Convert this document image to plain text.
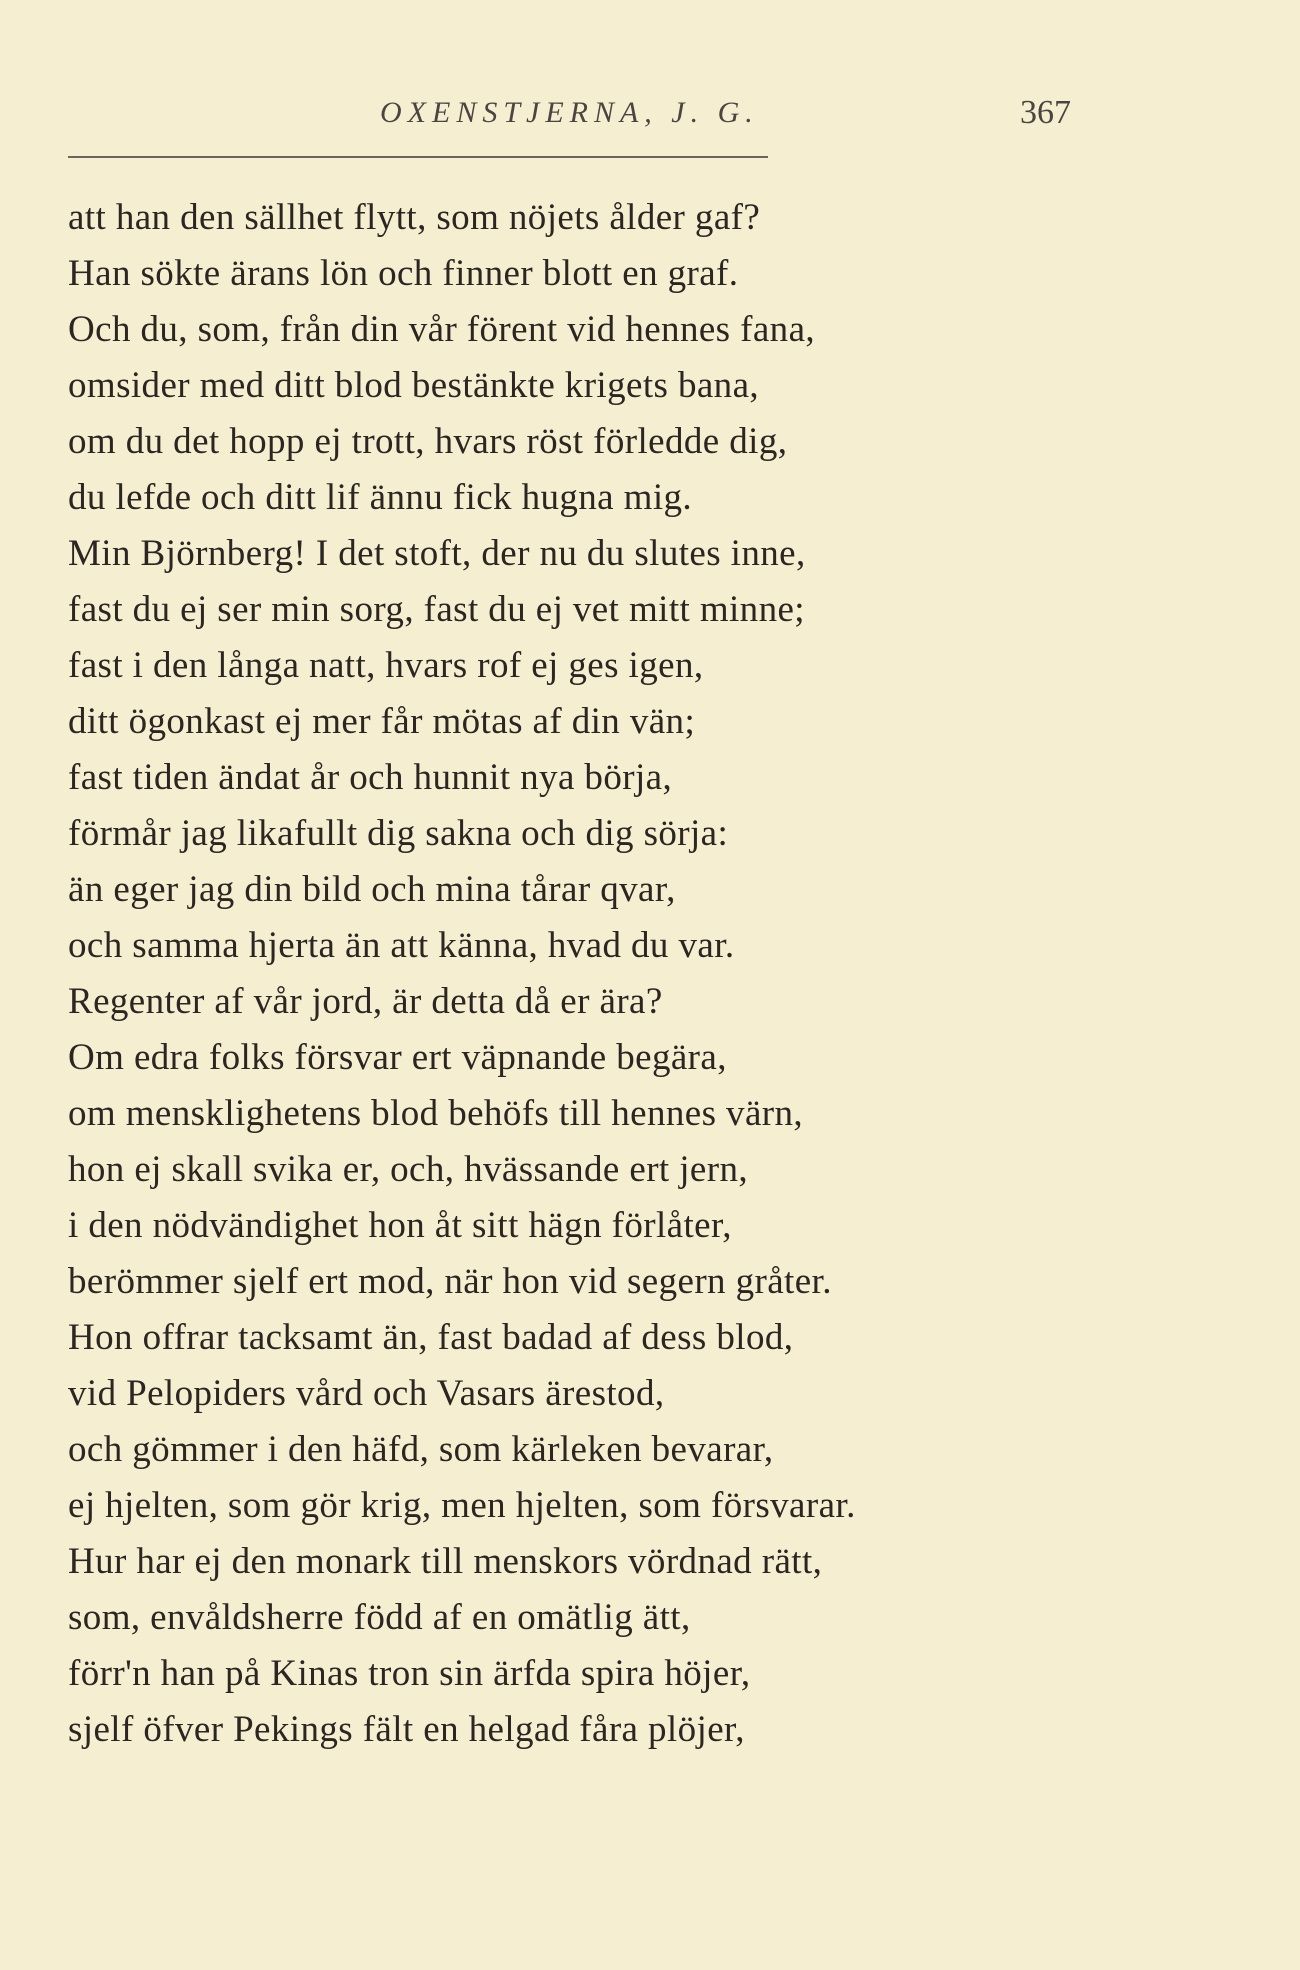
OXENSTJERNA, J. G.	367
att han den sällhet flytt, som nöjets ålder gaf?
Han sökte ärans lön och finner blott en graf.
Och du, som, från din vår förent vid hennes fana,
omsider med ditt blod bestänkte krigets bana,
om du det hopp ej trott, hvars röst förledde dig,
du lefde och ditt lif ännu fick hugna mig.
Min Björnberg! I det stoft, der nu du slutes inne,
fast du ej ser min sorg, fast du ej vet mitt minne;
fast i den långa natt, hvars rof ej ges igen,
ditt ögonkast ej mer får mötas af din vän;
fast tiden ändat år och hunnit nya börja,
förmår jag likafullt dig sakna och dig sörja:
än eger jag din bild och mina tårar qvar,
och samma hjerta än att känna, hvad du var.
Regenter af vår jord, är detta då er ära?
Om edra folks försvar ert väpnande begära,
om mensklighetens blod behöfs till hennes värn,
hon ej skall svika er, och, hvässande ert jern,
i den nödvändighet hon åt sitt hägn förlåter,
berömmer sjelf ert mod, när hon vid segern gråter.
Hon offrar tacksamt än, fast badad af dess blod,
vid Pelopiders vård och Vasars ärestod,
och gömmer i den häfd, som kärleken bevarar,
ej hjelten, som gör krig, men hjelten, som försvarar.
Hur har ej den monark till menskors vördnad rätt,
som, envåldsherre född af en omätlig ätt,
förr'n han på Kinas tron sin ärfda spira höjer,
sjelf öfver Pekings fält en helgad fåra plöjer,
